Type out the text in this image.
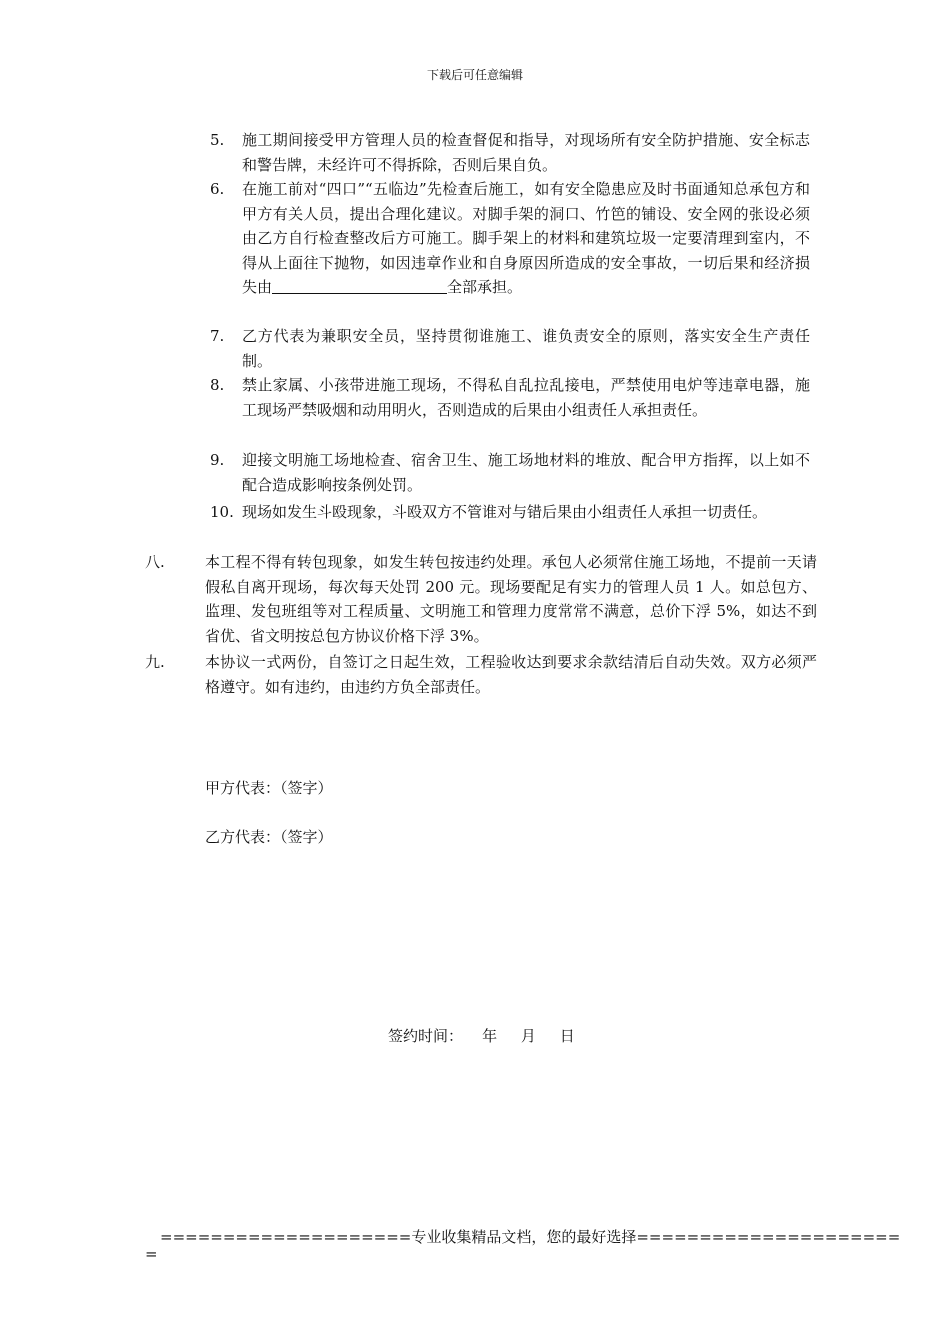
下载后可任意编辑
5.	施工期间接受甲方管理人员的检查督促和指导，对现场所有安全防护措施、安全标志和警告牌，未经许可不得拆除，否则后果自负。
6.	在施工前对“四口”“五临边”先检查后施工，如有安全隐患应及时书面通知总承包方和甲方有关人员，提出合理化建议。对脚手架的洞口、竹笆的铺设、安全网的张设必须由乙方自行检查整改后方可施工。脚手架上的材料和建筑垃圾一定要清理到室内，不得从上面往下抛物，如因违章作业和自身原因所造成的安全事故，一切后果和经济损失由	全部承担。
7.	乙方代表为兼职安全员，坚持贯彻谁施工、谁负责安全的原则，落实安全生产责任制。
8.	禁止家属、小孩带进施工现场，不得私自乱拉乱接电，严禁使用电炉等违章电器，施工现场严禁吸烟和动用明火，否则造成的后果由小组责任人承担责任。
9.	迎接文明施工场地检查、宿舍卫生、施工场地材料的堆放、配合甲方指挥，以上如不配合造成影响按条例处罚。
10. 现场如发生斗殴现象，斗殴双方不管谁对与错后果由小组责任人承担一切责任。
八.	本工程不得有转包现象，如发生转包按违约处理。承包人必须常住施工场地，不提前一天请假私自离开现场，每次每天处罚 200 元。现场要配足有实力的管理人员 1 人。如总包方、监理、发包班组等对工程质量、文明施工和管理力度常常不满意，总价下浮 5%，如达不到省优、省文明按总包方协议价格下浮 3%。
九.	本协议一式两份，自签订之日起生效，工程验收达到要求余款结清后自动失效。双方必须严格遵守。如有违约，由违约方负全部责任。
甲方代表：（签字）
乙方代表：（签字）
签约时间：    年     月     日
====================专业收集精品文档，您的最好选择=====================
=
